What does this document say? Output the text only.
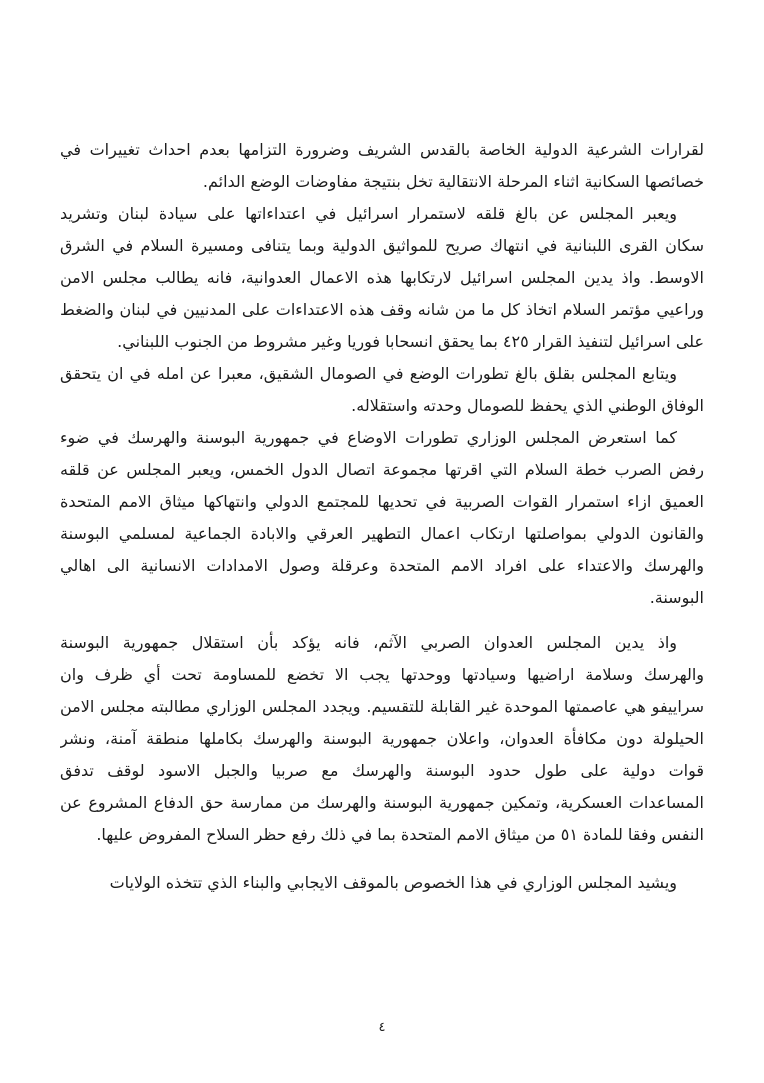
لقرارات الشرعية الدولية الخاصة بالقدس الشريف وضرورة التزامها بعدم احداث تغييرات في
خصائصها السكانية اثناء المرحلة الانتقالية تخل بنتيجة مفاوضات الوضع الدائم.
ويعبر المجلس عن بالغ قلقه لاستمرار اسرائيل في اعتداءاتها على سيادة لبنان وتشريد
سكان القرى اللبنانية في انتهاك صريح للمواثيق الدولية وبما يتنافى ومسيرة السلام في الشرق
الاوسط. واذ يدين المجلس اسرائيل لارتكابها هذه الاعمال العدوانية، فانه يطالب مجلس الامن
وراعيي مؤتمر السلام اتخاذ كل ما من شانه وقف هذه الاعتداءات على المدنيين في لبنان والضغط
على اسرائيل لتنفيذ القرار ٤٢٥ بما يحقق انسحابا فوريا وغير مشروط من الجنوب اللبناني.
ويتابع المجلس بقلق بالغ تطورات الوضع في الصومال الشقيق، معبرا عن امله في ان يتحقق
الوفاق الوطني الذي يحفظ للصومال وحدته واستقلاله.
كما استعرض المجلس الوزاري تطورات الاوضاع في جمهورية البوسنة والهرسك في ضوء
رفض الصرب خطة السلام التي اقرتها مجموعة اتصال الدول الخمس، ويعبر المجلس عن قلقه
العميق ازاء استمرار القوات الصربية في تحديها للمجتمع الدولي وانتهاكها ميثاق الامم المتحدة
والقانون الدولي بمواصلتها ارتكاب اعمال التطهير العرقي والابادة الجماعية لمسلمي البوسنة
والهرسك والاعتداء على افراد الامم المتحدة وعرقلة وصول الامدادات الانسانية الى اهالي
البوسنة.
واذ يدين المجلس العدوان الصربي الآثم، فانه يؤكد بأن استقلال جمهورية البوسنة
والهرسك وسلامة اراضيها وسيادتها ووحدتها يجب الا تخضع للمساومة تحت أي ظرف وان
سراييفو هي عاصمتها الموحدة غير القابلة للتقسيم. ويجدد المجلس الوزاري مطالبته مجلس الامن
الحيلولة دون مكافأة العدوان، واعلان جمهورية البوسنة والهرسك بكاملها منطقة آمنة، ونشر
قوات دولية على طول حدود البوسنة والهرسك مع صربيا والجبل الاسود لوقف تدفق
المساعدات العسكرية، وتمكين جمهورية البوسنة والهرسك من ممارسة حق الدفاع المشروع عن
النفس وفقا للمادة ٥١ من ميثاق الامم المتحدة بما في ذلك رفع حظر السلاح المفروض عليها.
ويشيد المجلس الوزاري في هذا الخصوص بالموقف الايجابي والبناء الذي تتخذه الولايات
٤
